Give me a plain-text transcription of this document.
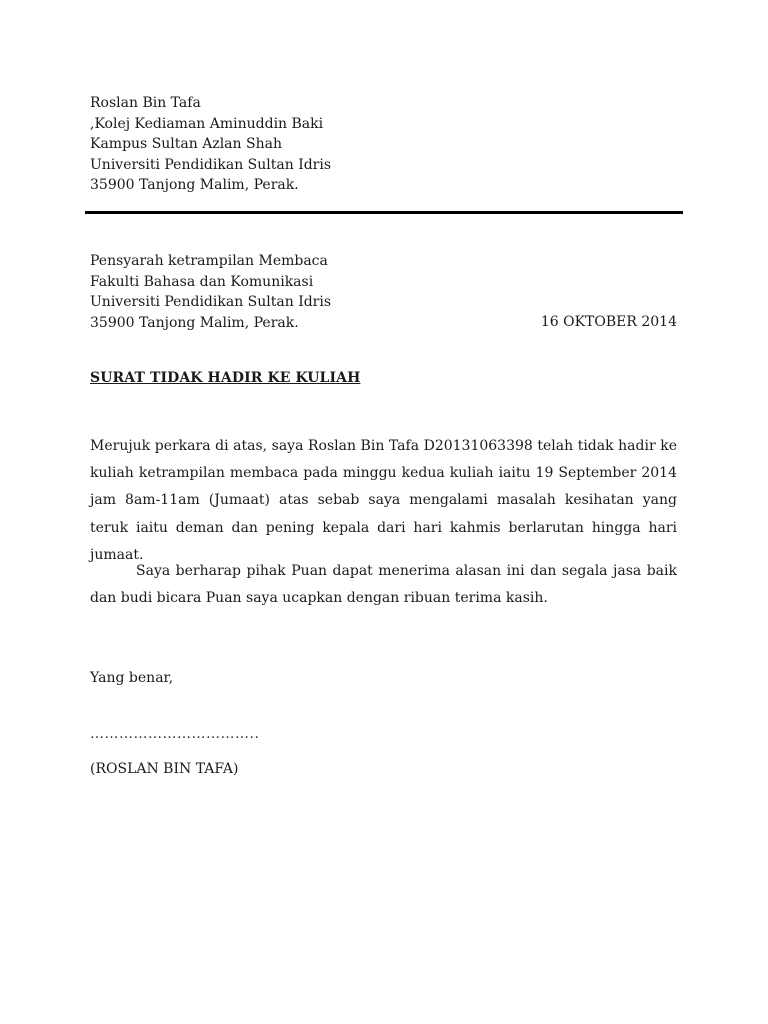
Roslan Bin Tafa
,Kolej Kediaman Aminuddin Baki
Kampus Sultan Azlan Shah
Universiti Pendidikan Sultan Idris
35900 Tanjong Malim, Perak.
Pensyarah ketrampilan Membaca
Fakulti Bahasa dan Komunikasi
Universiti Pendidikan Sultan Idris
35900 Tanjong Malim, Perak.	16 OKTOBER 2014
SURAT TIDAK HADIR KE KULIAH
Merujuk perkara di atas, saya Roslan Bin Tafa D20131063398 telah tidak hadir ke kuliah ketrampilan membaca pada minggu kedua kuliah iaitu 19 September 2014 jam 8am-11am (Jumaat) atas sebab saya mengalami masalah kesihatan yang teruk iaitu deman dan pening kepala dari hari kahmis berlarutan hingga hari jumaat.
Saya berharap pihak Puan dapat menerima alasan ini dan segala jasa baik dan budi bicara Puan saya ucapkan dengan ribuan terima kasih.
Yang benar,
……………………………..
(ROSLAN BIN TAFA)
